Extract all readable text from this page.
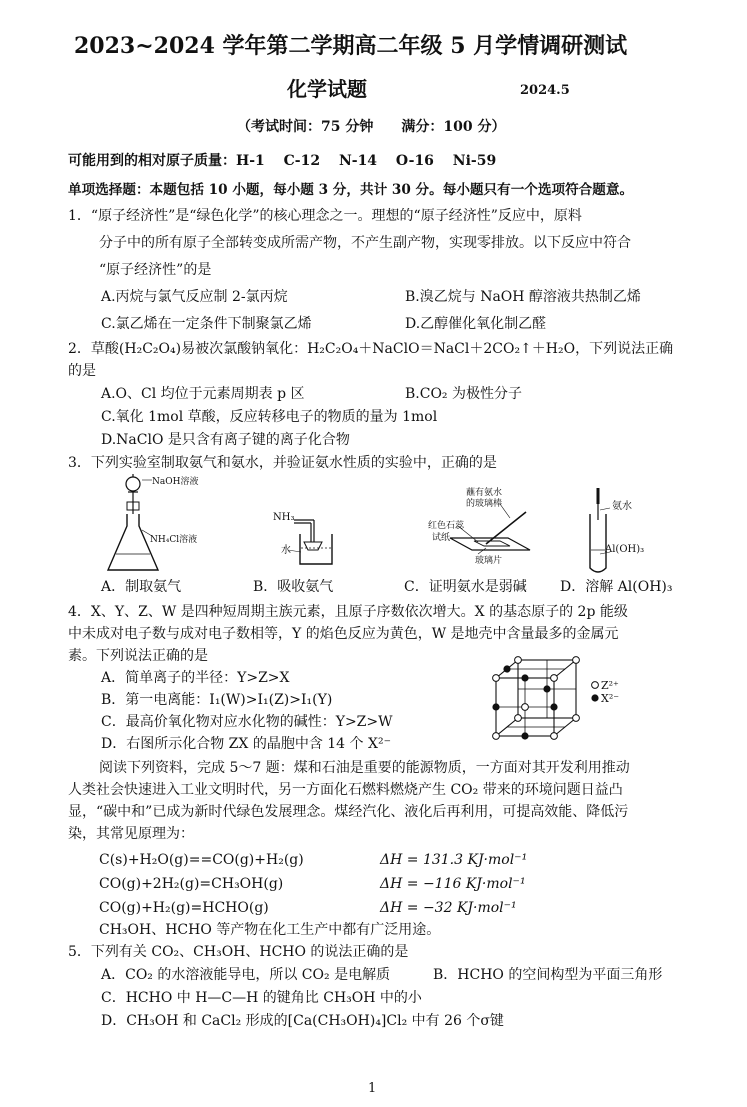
2023~2024 学年第二学期高二年级 5 月学情调研测试
化学试题	2024.5
（考试时间：75 分钟　　满分：100 分）
可能用到的相对原子质量：H-1　 C-12　 N-14　 O-16　 Ni-59
单项选择题：本题包括 10 小题，每小题 3 分，共计 30 分。每小题只有一个选项符合题意。
1．“原子经济性”是“绿色化学”的核心理念之一。理想的“原子经济性”反应中，原料
分子中的所有原子全部转变成所需产物，不产生副产物，实现零排放。以下反应中符合
“原子经济性”的是
A.丙烷与氯气反应制 2-氯丙烷	B.溴乙烷与 NaOH 醇溶液共热制乙烯
C.氯乙烯在一定条件下制聚氯乙烯	D.乙醇催化氧化制乙醛
2．草酸(H₂C₂O₄)易被次氯酸钠氧化：H₂C₂O₄＋NaClO＝NaCl＋2CO₂↑＋H₂O，下列说法正确
的是
A.O、Cl 均位于元素周期表 p 区	B.CO₂ 为极性分子
C.氧化 1mol 草酸，反应转移电子的物质的量为 1mol
D.NaClO 是只含有离子键的离子化合物
3．下列实验室制取氨气和氨水，并验证氨水性质的实验中，正确的是
NaOH溶液
NH₄Cl溶液
NH₃
水
蘸有氨水
的玻璃棒
红色石蕊
试纸
玻璃片
氨水
Al(OH)₃
A．制取氨气	B．吸收氨气	C．证明氨水是弱碱 D．溶解 Al(OH)₃
4．X、Y、Z、W 是四种短周期主族元素，且原子序数依次增大。X 的基态原子的 2p 能级
中未成对电子数与成对电子数相等，Y 的焰色反应为黄色，W 是地壳中含量最多的金属元
素。下列说法正确的是
A．简单离子的半径：Y>Z>X
B．第一电离能：I₁(W)>I₁(Z)>I₁(Y)
C．最高价氧化物对应水化物的碱性：Y>Z>W
D．右图所示化合物 ZX 的晶胞中含 14 个 X²⁻
Z²⁺
X²⁻
阅读下列资料，完成 5～7 题：煤和石油是重要的能源物质，一方面对其开发利用推动
人类社会快速进入工业文明时代，另一方面化石燃料燃烧产生 CO₂ 带来的环境问题日益凸
显，“碳中和”已成为新时代绿色发展理念。煤经汽化、液化后再利用，可提高效能、降低污
染，其常见原理为：
C(s)+H₂O(g)==CO(g)+H₂(g)	ΔH = 131.3 KJ·mol⁻¹
CO(g)+2H₂(g)=CH₃OH(g)	ΔH = −116 KJ·mol⁻¹
CO(g)+H₂(g)=HCHO(g)	ΔH = −32 KJ·mol⁻¹
CH₃OH、HCHO 等产物在化工生产中都有广泛用途。
5．下列有关 CO₂、CH₃OH、HCHO 的说法正确的是
A．CO₂ 的水溶液能导电，所以 CO₂ 是电解质	B．HCHO 的空间构型为平面三角形
C．HCHO 中 H—C—H 的键角比 CH₃OH 中的小
D．CH₃OH 和 CaCl₂ 形成的[Ca(CH₃OH)₄]Cl₂ 中有 26 个σ键
1
